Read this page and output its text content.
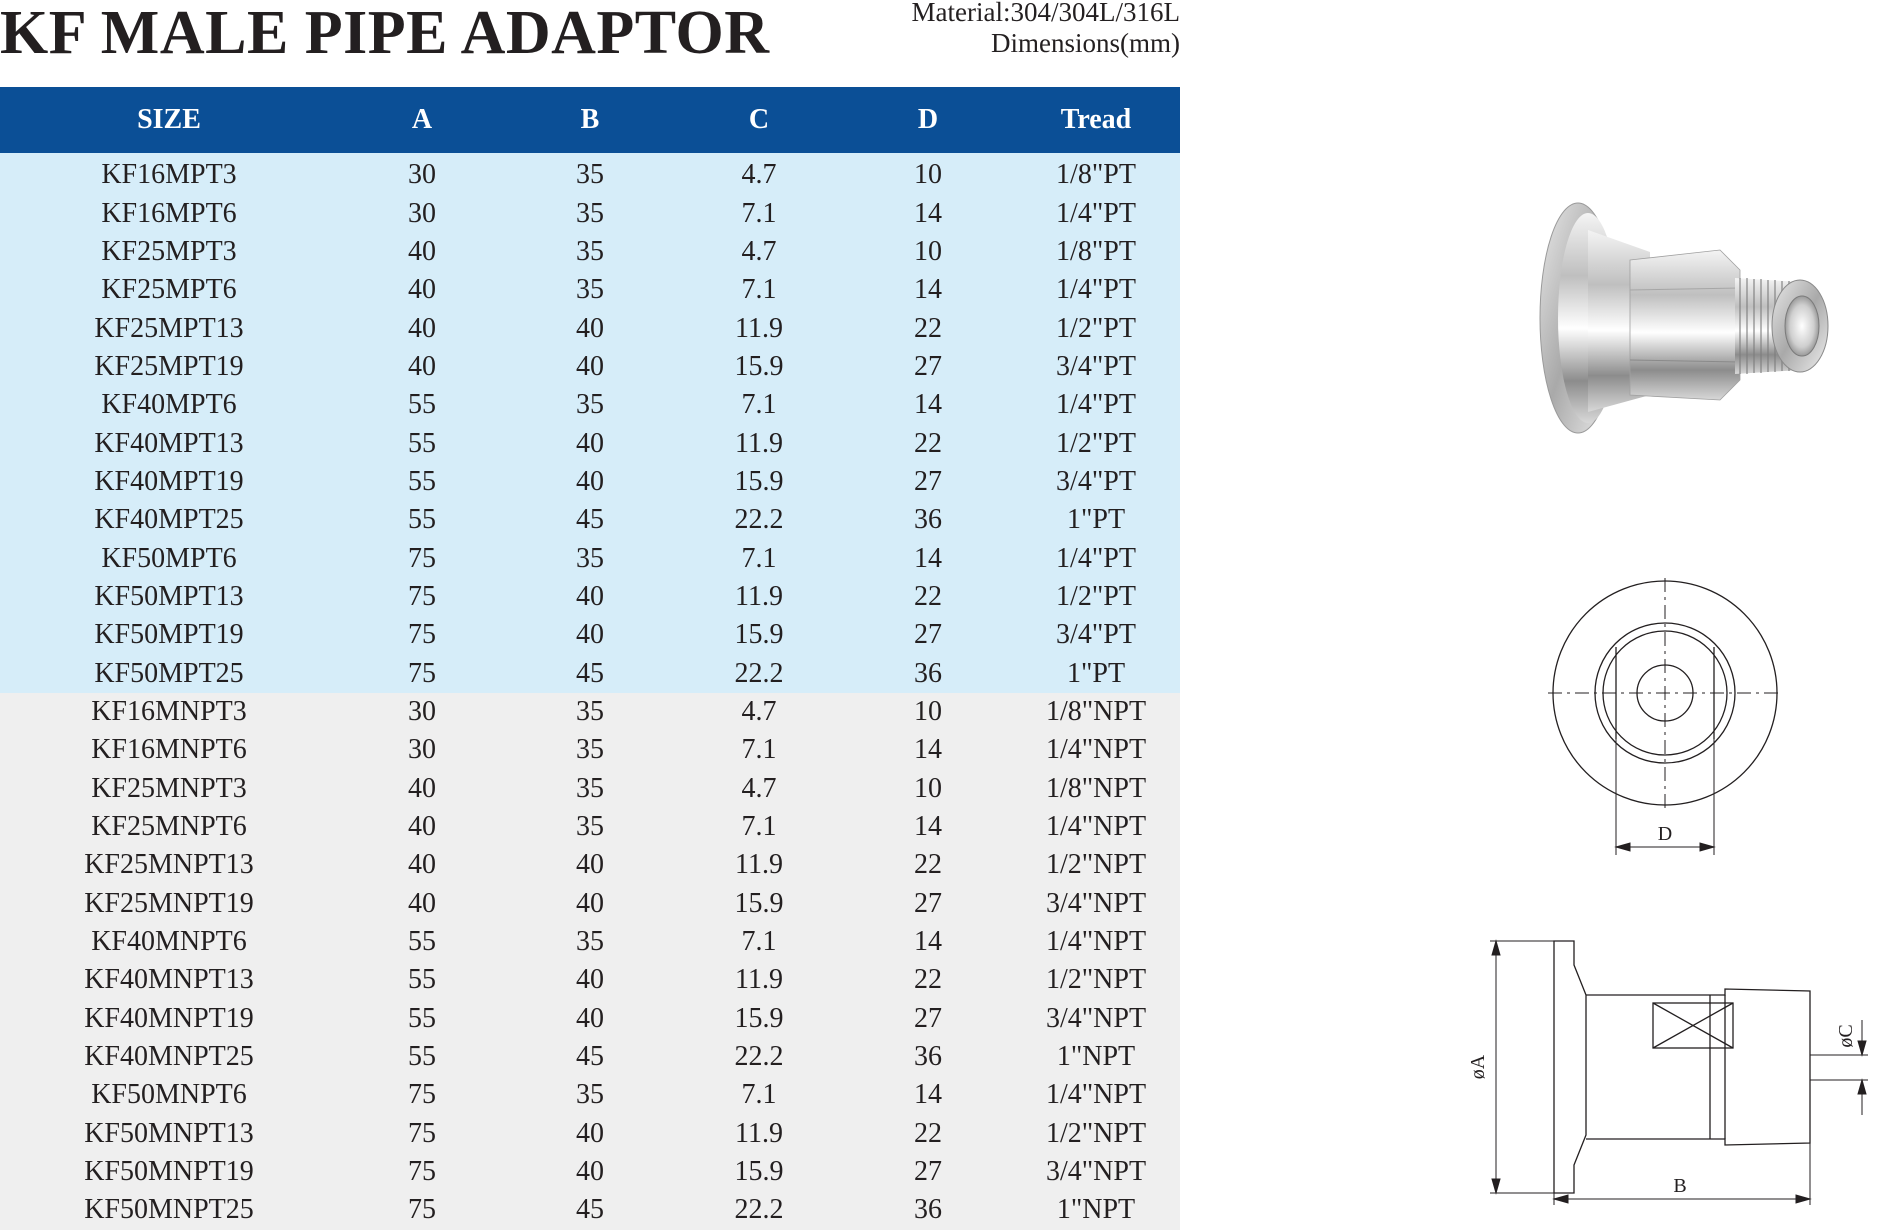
KF MALE PIPE ADAPTOR	Material:304/304L/316L
Dimensions(mm)
SIZE	A	B	C	D	Tread
KF16MPT3	30	35	4.7	10	1/8"PT
KF16MPT6	30	35	7.1	14	1/4"PT
KF25MPT3	40	35	4.7	10	1/8"PT
KF25MPT6	40	35	7.1	14	1/4"PT
KF25MPT13	40	40	11.9	22	1/2"PT
KF25MPT19	40	40	15.9	27	3/4"PT
KF40MPT6	55	35	7.1	14	1/4"PT
KF40MPT13	55	40	11.9	22	1/2"PT
KF40MPT19	55	40	15.9	27	3/4"PT
KF40MPT25	55	45	22.2	36	1"PT
KF50MPT6	75	35	7.1	14	1/4"PT
KF50MPT13	75	40	11.9	22	1/2"PT
KF50MPT19	75	40	15.9	27	3/4"PT
KF50MPT25	75	45	22.2	36	1"PT
KF16MNPT3	30	35	4.7	10	1/8"NPT
KF16MNPT6	30	35	7.1	14	1/4"NPT
KF25MNPT3	40	35	4.7	10	1/8"NPT
KF25MNPT6	40	35	7.1	14	1/4"NPT
KF25MNPT13	40	40	11.9	22	1/2"NPT
KF25MNPT19	40	40	15.9	27	3/4"NPT
KF40MNPT6	55	35	7.1	14	1/4"NPT
KF40MNPT13	55	40	11.9	22	1/2"NPT
KF40MNPT19	55	40	15.9	27	3/4"NPT
KF40MNPT25	55	45	22.2	36	1"NPT
KF50MNPT6	75	35	7.1	14	1/4"NPT
KF50MNPT13	75	40	11.9	22	1/2"NPT
KF50MNPT19	75	40	15.9	27	3/4"NPT
KF50MNPT25	75	45	22.2	36	1"NPT
D
øA
B
øC
